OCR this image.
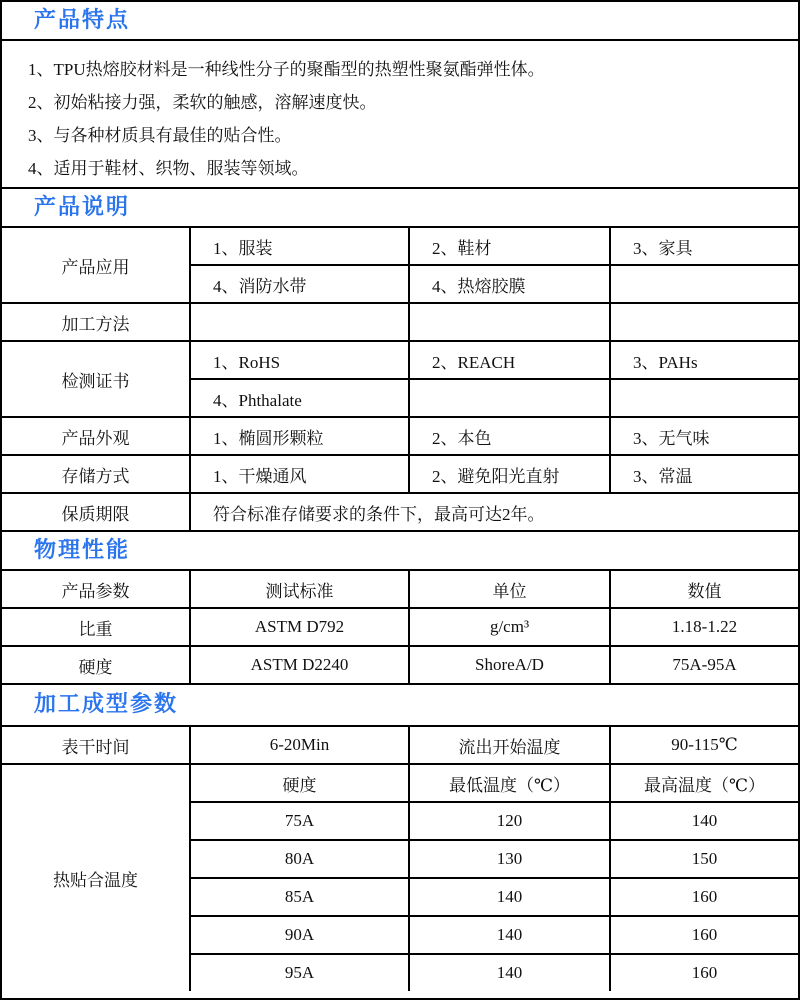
产品特点
1、TPU热熔胶材料是一种线性分子的聚酯型的热塑性聚氨酯弹性体。
2、初始粘接力强，柔软的触感，溶解速度快。
3、与各种材质具有最佳的贴合性。
4、适用于鞋材、织物、服装等领域。
产品说明
产品应用	1、服装	2、鞋材	3、家具
	4、消防水带	4、热熔胶膜	
加工方法			
检测证书	1、RoHS	2、REACH	3、PAHs
	4、Phthalate		
产品外观	1、椭圆形颗粒	2、本色	3、无气味
存储方式	1、干燥通风	2、避免阳光直射	3、常温
保质期限	符合标准存储要求的条件下，最高可达2年。		
物理性能
产品参数	测试标准	单位	数值
比重	ASTM D792	g/cm³	1.18-1.22
硬度	ASTM D2240	ShoreA/D	75A-95A
加工成型参数
表干时间	6-20Min	流出开始温度	90-115℃
热贴合温度	硬度	最低温度（℃）	最高温度（℃）
	75A	120	140
	80A	130	150
	85A	140	160
	90A	140	160
	95A	140	160
